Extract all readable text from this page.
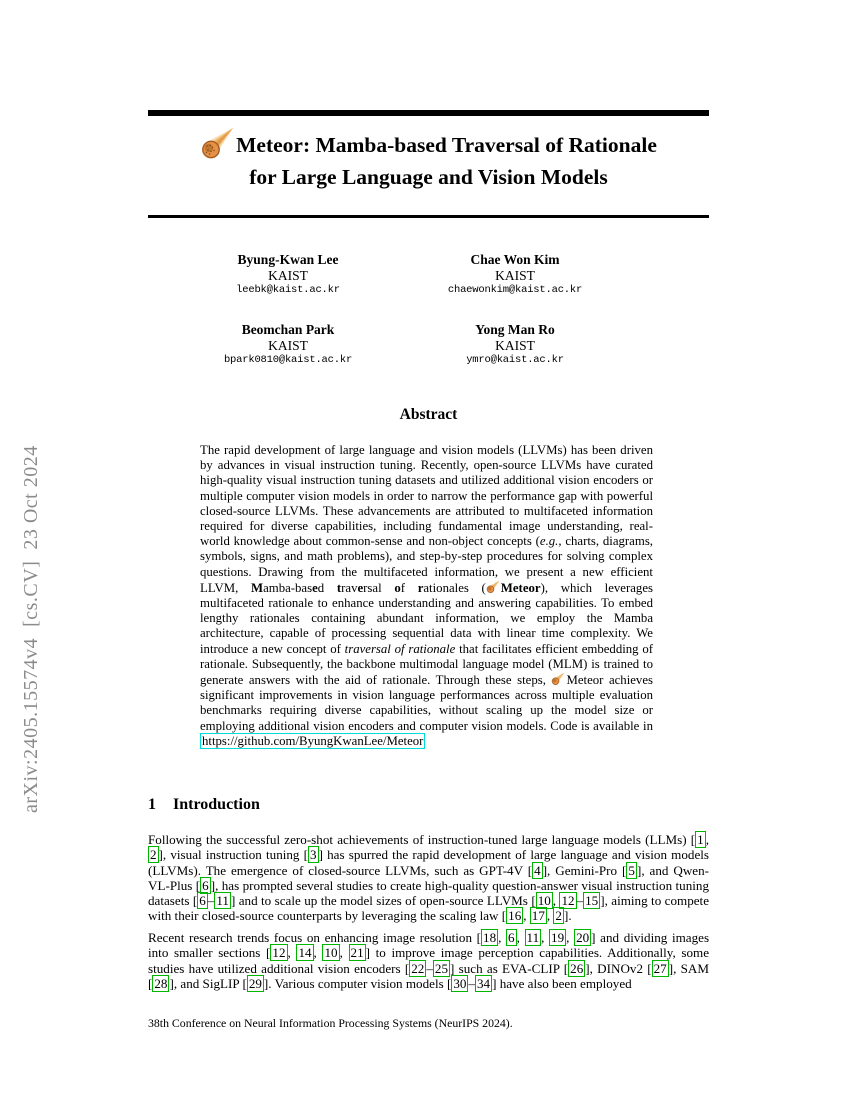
arXiv:2405.15574v4  [cs.CV]  23 Oct 2024
Meteor: Mamba-based Traversal of Rationale
for Large Language and Vision Models
Byung-Kwan Lee
KAIST
leebk@kaist.ac.kr
Chae Won Kim
KAIST
chaewonkim@kaist.ac.kr
Beomchan Park
KAIST
bpark0810@kaist.ac.kr
Yong Man Ro
KAIST
ymro@kaist.ac.kr
Abstract
The rapid development of large language and vision models (LLVMs) has been driven by advances in visual instruction tuning. Recently, open-source LLVMs have curated high-quality visual instruction tuning datasets and utilized additional vision encoders or multiple computer vision models in order to narrow the performance gap with powerful closed-source LLVMs. These advancements are attributed to multifaceted information required for diverse capabilities, including fundamental image understanding, real-world knowledge about common-sense and non-object concepts (e.g., charts, diagrams, symbols, signs, and math problems), and step-by-step procedures for solving complex questions. Drawing from the multifaceted information, we present a new efficient LLVM, Mamba-based traversal of rationales ( Meteor), which leverages multifaceted rationale to enhance understanding and answering capabilities. To embed lengthy rationales containing abundant information, we employ the Mamba architecture, capable of processing sequential data with linear time complexity. We introduce a new concept of traversal of rationale that facilitates efficient embedding of rationale. Subsequently, the backbone multimodal language model (MLM) is trained to generate answers with the aid of rationale. Through these steps, Meteor achieves significant improvements in vision language performances across multiple evaluation benchmarks requiring diverse capabilities, without scaling up the model size or employing additional vision encoders and computer vision models. Code is available in https://github.com/ByungKwanLee/Meteor
1 Introduction
Following the successful zero-shot achievements of instruction-tuned large language models (LLMs) [ 1 , 2 ], visual instruction tuning [ 3 ] has spurred the rapid development of large language and vision models (LLVMs). The emergence of closed-source LLVMs, such as GPT-4V [ 4 ], Gemini-Pro [ 5 ], and Qwen-VL-Plus [ 6 ], has prompted several studies to create high-quality question-answer visual instruction tuning datasets [ 6 – 11 ] and to scale up the model sizes of open-source LLVMs [ 10 , 12 – 15 ], aiming to compete with their closed-source counterparts by leveraging the scaling law [ 16 , 17 , 2 ].
Recent research trends focus on enhancing image resolution [ 18 , 6 , 11 , 19 , 20 ] and dividing images into smaller sections [ 12 , 14 , 10 , 21 ] to improve image perception capabilities. Additionally, some studies have utilized additional vision encoders [ 22 – 25 ] such as EVA-CLIP [ 26 ], DINOv2 [ 27 ], SAM [ 28 ], and SigLIP [ 29 ]. Various computer vision models [ 30 – 34 ] have also been employed
38th Conference on Neural Information Processing Systems (NeurIPS 2024).
